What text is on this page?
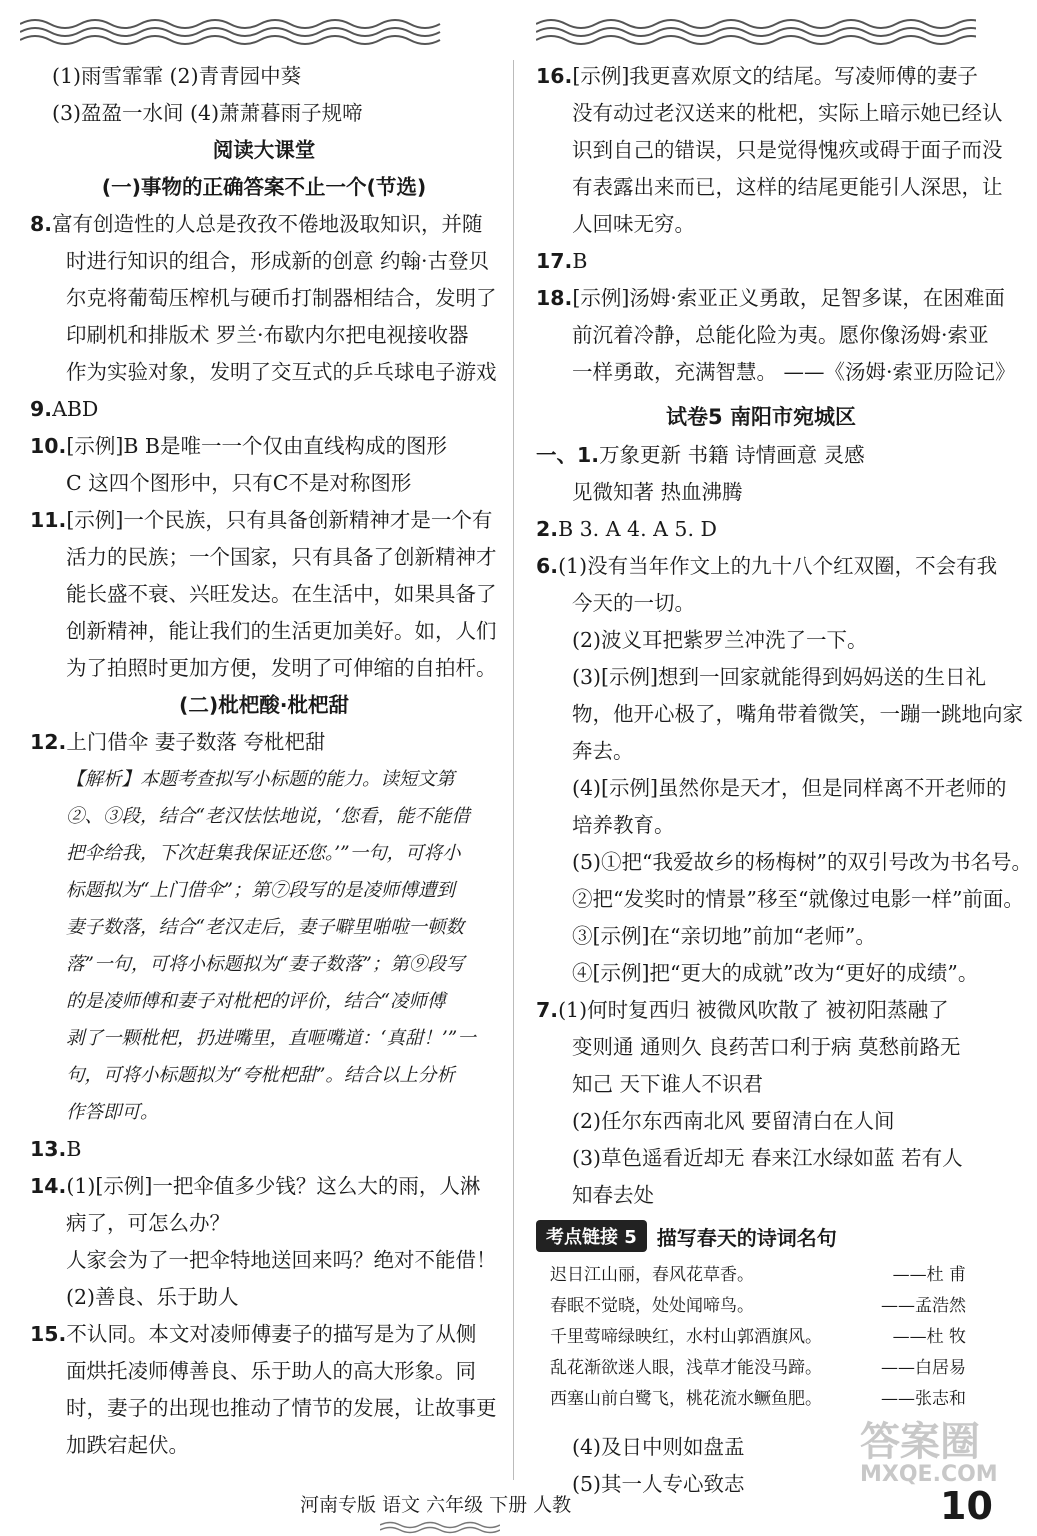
(1)雨雪霏霏 (2)青青园中葵
(3)盈盈一水间 (4)萧萧暮雨子规啼
阅读大课堂
(一)事物的正确答案不止一个(节选)
8.富有创造性的人总是孜孜不倦地汲取知识，并随
时进行知识的组合，形成新的创意 约翰·古登贝
尔克将葡萄压榨机与硬币打制器相结合，发明了
印刷机和排版术 罗兰·布歇内尔把电视接收器
作为实验对象，发明了交互式的乒乓球电子游戏
9.ABD
10.[示例]B B是唯一一个仅由直线构成的图形
C 这四个图形中，只有C不是对称图形
11.[示例]一个民族，只有具备创新精神才是一个有
活力的民族；一个国家，只有具备了创新精神才
能长盛不衰、兴旺发达。在生活中，如果具备了
创新精神，能让我们的生活更加美好。如，人们
为了拍照时更加方便，发明了可伸缩的自拍杆。
(二)枇杷酸·枇杷甜
12.上门借伞 妻子数落 夸枇杷甜
【解析】本题考查拟写小标题的能力。读短文第
②、③段，结合“老汉怯怯地说，‘您看，能不能借
把伞给我，下次赶集我保证还您。’”一句，可将小
标题拟为“上门借伞”；第⑦段写的是凌师傅遭到
妻子数落，结合“老汉走后，妻子噼里啪啦一顿数
落”一句，可将小标题拟为“妻子数落”；第⑨段写
的是凌师傅和妻子对枇杷的评价，结合“凌师傅
剥了一颗枇杷，扔进嘴里，直咂嘴道：‘真甜！’”一
句，可将小标题拟为“夸枇杷甜”。结合以上分析
作答即可。
13.B
14.(1)[示例]一把伞值多少钱？这么大的雨，人淋
病了，可怎么办？
人家会为了一把伞特地送回来吗？绝对不能借！
(2)善良、乐于助人
15.不认同。本文对凌师傅妻子的描写是为了从侧
面烘托凌师傅善良、乐于助人的高大形象。同
时，妻子的出现也推动了情节的发展，让故事更
加跌宕起伏。
16.[示例]我更喜欢原文的结尾。写凌师傅的妻子
没有动过老汉送来的枇杷，实际上暗示她已经认
识到自己的错误，只是觉得愧疚或碍于面子而没
有表露出来而已，这样的结尾更能引人深思，让
人回味无穷。
17.B
18.[示例]汤姆·索亚正义勇敢，足智多谋，在困难面
前沉着冷静，总能化险为夷。愿你像汤姆·索亚
一样勇敢，充满智慧。 ——《汤姆·索亚历险记》
试卷5 南阳市宛城区
一、1.万象更新 书籍 诗情画意 灵感
见微知著 热血沸腾
2.B 3. A 4. A 5. D
6.(1)没有当年作文上的九十八个红双圈，不会有我
今天的一切。
(2)波义耳把紫罗兰冲洗了一下。
(3)[示例]想到一回家就能得到妈妈送的生日礼
物，他开心极了，嘴角带着微笑，一蹦一跳地向家
奔去。
(4)[示例]虽然你是天才，但是同样离不开老师的
培养教育。
(5)①把“我爱故乡的杨梅树”的双引号改为书名号。
②把“发奖时的情景”移至“就像过电影一样”前面。
③[示例]在“亲切地”前加“老师”。
④[示例]把“更大的成就”改为“更好的成绩”。
7.(1)何时复西归 被微风吹散了 被初阳蒸融了
变则通 通则久 良药苦口利于病 莫愁前路无
知己 天下谁人不识君
(2)任尔东西南北风 要留清白在人间
(3)草色遥看近却无 春来江水绿如蓝 若有人
知春去处
考点链接 5	描写春天的诗词名句
迟日江山丽，春风花草香。	——杜 甫
春眠不觉晓，处处闻啼鸟。	——孟浩然
千里莺啼绿映红，水村山郭酒旗风。	——杜 牧
乱花渐欲迷人眼，浅草才能没马蹄。	——白居易
西塞山前白鹭飞，桃花流水鳜鱼肥。	——张志和
(4)及日中则如盘盂
(5)其一人专心致志
答案圈
MXQE.COM
河南专版 语文 六年级 下册 人教	10
